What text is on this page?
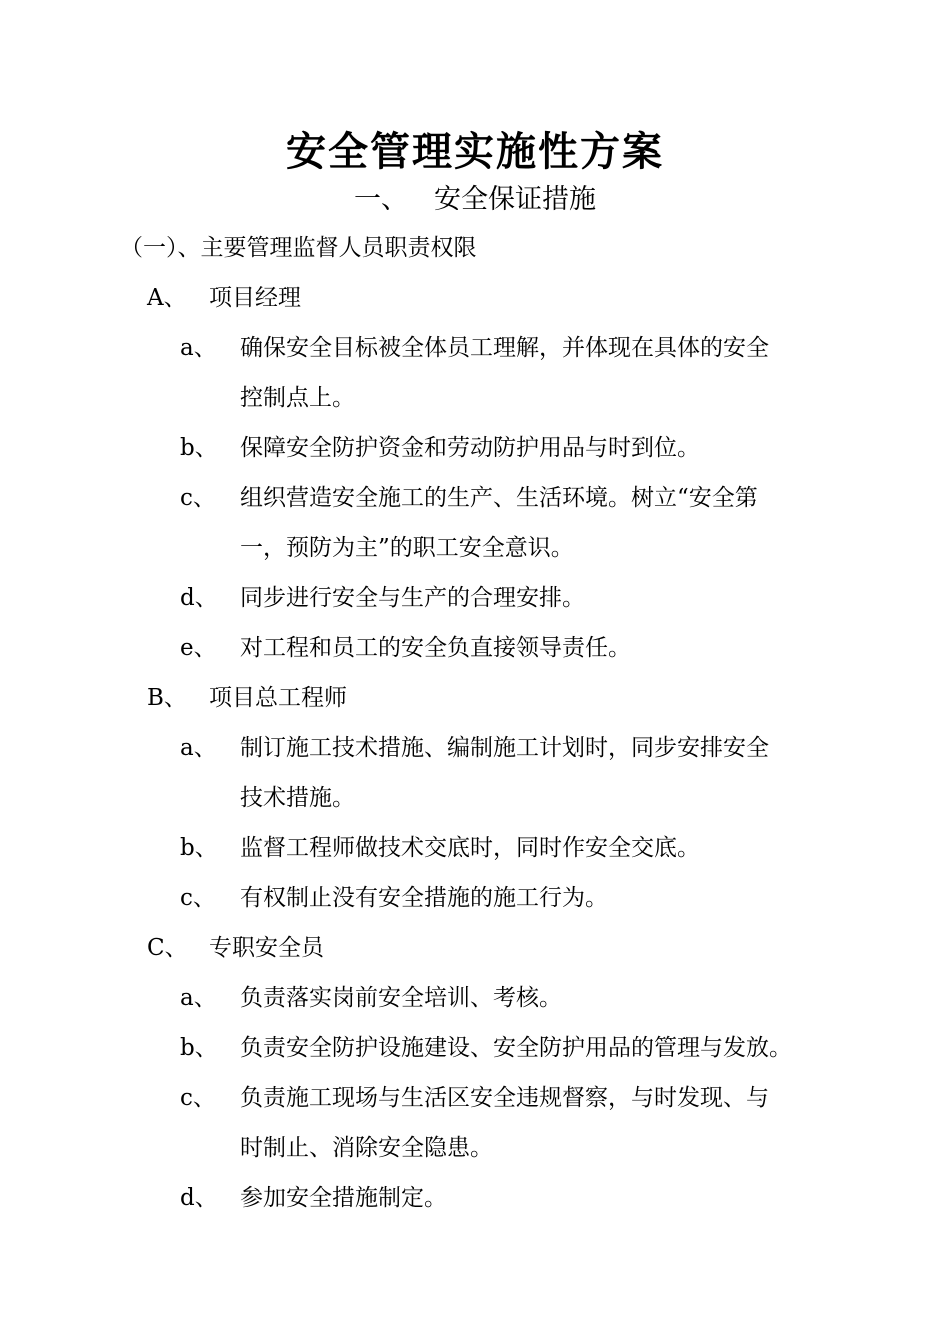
安全管理实施性方案
一、 安全保证措施
（一）、主要管理监督人员职责权限
A、 项目经理
a、 确保安全目标被全体员工理解，并体现在具体的安全
控制点上。
b、 保障安全防护资金和劳动防护用品与时到位。
c、 组织营造安全施工的生产、生活环境。树立“安全第
一，预防为主”的职工安全意识。
d、 同步进行安全与生产的合理安排。
e、 对工程和员工的安全负直接领导责任。
B、 项目总工程师
a、 制订施工技术措施、编制施工计划时，同步安排安全
技术措施。
b、 监督工程师做技术交底时，同时作安全交底。
c、 有权制止没有安全措施的施工行为。
C、 专职安全员
a、 负责落实岗前安全培训、考核。
b、 负责安全防护设施建设、安全防护用品的管理与发放。
c、 负责施工现场与生活区安全违规督察，与时发现、与
时制止、消除安全隐患。
d、 参加安全措施制定。
